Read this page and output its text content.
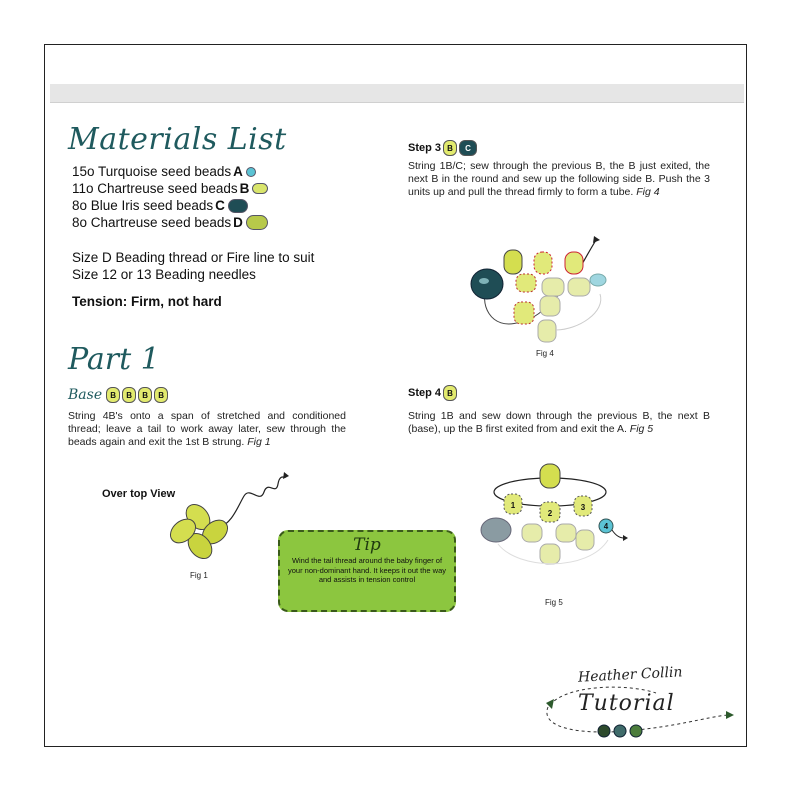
Materials List
15o Turquoise seed beads A
11o Chartreuse seed beads B
8o Blue Iris seed beads C
8o Chartreuse seed beads D
Size D Beading thread or Fire line to suit
Size 12 or 13 Beading needles
Tension: Firm, not hard
Part 1
Base	B	B	B	B
String 4B's onto a span of stretched and conditioned thread; leave a tail to work away later, sew through the beads again and exit the 1st B strung. Fig 1
Over top View
Fig 1
Tip
Wind the tail thread around the baby finger of your non-dominant hand. It keeps it out the way and assists in tension control
Step 3 B	C
String 1B/C; sew through the previous B, the B just exited, the next B in the round and sew up the following side B. Push the 3 units up and pull the thread firmly to form a tube. Fig 4
Fig 4
Step 4 B
String 1B and sew down through the previous B, the next B (base), up the B first exited from and exit the A. Fig 5
1
2
3
4
Fig 5
Heather Collin
Tutorial
